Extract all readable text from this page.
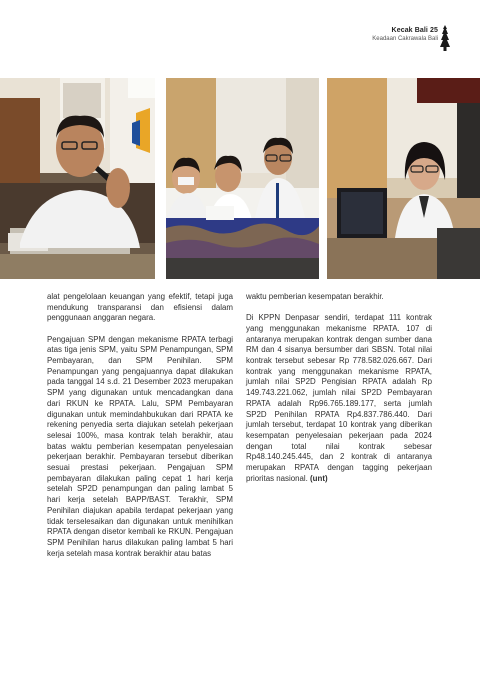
Kecak Bali 25
Keadaan Cakrawala Bali

alat pengelolaan keuangan yang efektif, tetapi juga mendukung transparansi dan efisiensi dalam penggunaan anggaran negara.

Pengajuan SPM dengan mekanisme RPATA terbagi atas tiga jenis SPM, yaitu SPM Penampungan, SPM Pembayaran, dan SPM Penihilan. SPM Penampungan yang pengajuannya dapat dilakukan pada tanggal 14 s.d. 21 Desember 2023 merupakan SPM yang digunakan untuk mencadangkan dana dari RKUN ke RPATA. Lalu, SPM Pembayaran digunakan untuk memindahbukukan dari RPATA ke rekening penyedia serta diajukan setelah pekerjaan selesai 100%, masa kontrak telah berakhir, atau batas waktu pemberian kesempatan penyelesaian pekerjaan berakhir. Pembayaran tersebut diberikan sesuai prestasi pekerjaan. Pengajuan SPM pembayaran dilakukan paling cepat 1 hari kerja setelah SP2D penampungan dan paling lambat 5 hari kerja setelah BAPP/BAST. Terakhir, SPM Penihilan diajukan apabila terdapat pekerjaan yang tidak terselesaikan dan digunakan untuk menihilkan RPATA dengan disetor kembali ke RKUN. Pengajuan SPM Penihilan harus dilakukan paling lambat 5 hari kerja setelah masa kontrak berakhir atau batas

waktu pemberian kesempatan berakhir.

Di KPPN Denpasar sendiri, terdapat 111 kontrak yang menggunakan mekanisme RPATA. 107 di antaranya merupakan kontrak dengan sumber dana RM dan 4 sisanya bersumber dari SBSN. Total nilai kontrak tersebut sebesar Rp 778.582.026.667. Dari kontrak yang menggunakan mekanisme RPATA, jumlah nilai SP2D Pengisian RPATA adalah Rp 149.743.221.062, jumlah nilai SP2D Pembayaran RPATA adalah Rp96.765.189.177, serta jumlah SP2D Penihilan RPATA Rp4.837.786.440. Dari jumlah tersebut, terdapat 10 kontrak yang diberikan kesempatan penyelesaian pekerjaan pada 2024 dengan total nilai kontrak sebesar Rp48.140.245.445, dan 2 kontrak di antaranya merupakan RPATA dengan tagging pekerjaan prioritas nasional. (unt)
